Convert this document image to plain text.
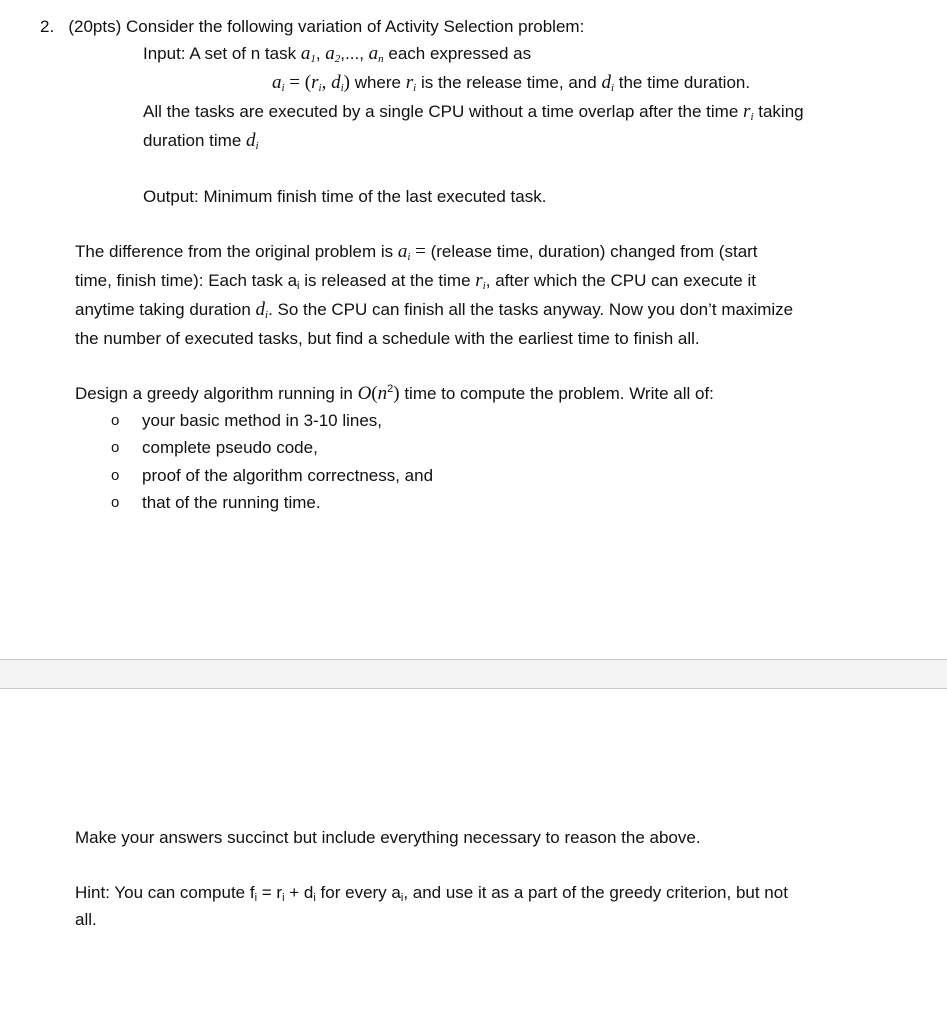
2. (20pts) Consider the following variation of Activity Selection problem:
Input: A set of n task $a_1$, $a_2$,..., $a_n$ each expressed as
$a_i = (r_i$, $d_i$) where $r_i$ is the release time, and $d_i$ the time duration.
All the tasks are executed by a single CPU without a time overlap after the time $r_i$ taking
duration time $d_i$
Output: Minimum finish time of the last executed task.
The difference from the original problem is $a_i$ = (release time, duration) changed from (start
time, finish time): Each task $a_i$ is released at the time $r_i$, after which the CPU can execute it
anytime taking duration $d_i$. So the CPU can finish all the tasks anyway. Now you don’t maximize
the number of executed tasks, but find a schedule with the earliest time to finish all.
Design a greedy algorithm running in $O(n^2)$ time to compute the problem. Write all of:
o your basic method in 3-10 lines,
o complete pseudo code,
o proof of the algorithm correctness, and
o that of the running time.
Make your answers succinct but include everything necessary to reason the above.
Hint: You can compute $f_i = r_i + d_i$ for every $a_i$, and use it as a part of the greedy criterion, but not
all.
